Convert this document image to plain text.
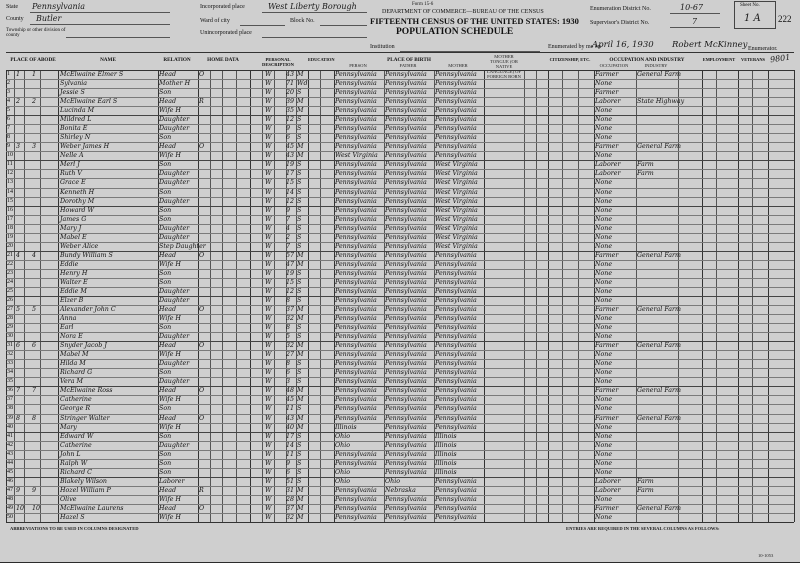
State Pennsylvania
County Butler
Township or other division of county
Incorporated place	West Liberty Borough
Ward of city	Block No.
Unincorporated place
Form 15-6
DEPARTMENT OF COMMERCE—BUREAU OF THE CENSUS
FIFTEENTH CENSUS OF THE UNITED STATES: 1930
POPULATION SCHEDULE
Institution
Enumeration District No.	10-67
Supervisor's District No.	7
Sheet No.
1 A 222
Enumerated by me on
April 16, 1930 Robert McKinney Enumerator.
9801
PLACE OF ABODE	NAME	RELATION	HOME DATA	PERSONAL DESCRIPTION
EDUCATION	PLACE OF BIRTH
PERSON	FATHER	MOTHER
MOTHER TONGUE (OR NATIVE LANGUAGE) OF FOREIGN BORN
CITIZENSHIP, ETC.	OCCUPATION AND INDUSTRY
OCCUPATION	INDUSTRY
EMPLOYMENT	VETERANS
1 1	1	McElwaine Elmer S	Head	O	W	43 M	Pennsylvania	Pennsylvania	Pennsylvania	Farmer	General Farm
2	Sylvania	Mother H	W	71 Wd	Pennsylvania	Pennsylvania	Pennsylvania	None
3	Jessie S	Son	W	20 S	Pennsylvania	Pennsylvania	Pennsylvania	Farmer
4 2	2	McElwaine Earl S	Head	R	W	39 M	Pennsylvania	Pennsylvania	Pennsylvania	Laborer	State Highway
5	Lucinda M	Wife H	W	35 M	Pennsylvania	Pennsylvania	Pennsylvania	None
6	Mildred L	Daughter	W	12 S	Pennsylvania	Pennsylvania	Pennsylvania	None
7	Bonita E	Daughter	W	9	S	Pennsylvania	Pennsylvania	Pennsylvania	None
8	Shirley N	Son	W	6	S	Pennsylvania	Pennsylvania	Pennsylvania	None
9 3	3	Weber James H	Head	O	W	45 M	Pennsylvania	Pennsylvania	Pennsylvania	Farmer	General Farm
10	Nelle A	Wife H	W	43 M	West Virginia	Pennsylvania	Pennsylvania	None
11	Merl J	Son	W	19 S	Pennsylvania	Pennsylvania	West Virginia	Laborer	Farm
12	Ruth V	Daughter	W	17 S	Pennsylvania	Pennsylvania	West Virginia	Laborer	Farm
13	Grace E	Daughter	W	15 S	Pennsylvania	Pennsylvania	West Virginia	None
14	Kenneth H	Son	W	14 S	Pennsylvania	Pennsylvania	West Virginia	None
15	Dorothy M	Daughter	W	12 S	Pennsylvania	Pennsylvania	West Virginia	None
16	Howard W	Son	W	9	S	Pennsylvania	Pennsylvania	West Virginia	None
17	James G	Son	W	7	S	Pennsylvania	Pennsylvania	West Virginia	None
18	Mary J	Daughter	W	4	S	Pennsylvania	Pennsylvania	West Virginia	None
19	Mabel E	Daughter	W	2	S	Pennsylvania	Pennsylvania	West Virginia	None
20	Weber Alice	Step Daughter	W	7	S	Pennsylvania	Pennsylvania	West Virginia	None
21 4	4	Bundy William S	Head	O	W	57 M	Pennsylvania	Pennsylvania	Pennsylvania	Farmer	General Farm
22	Eddie	Wife H	W	47 M	Pennsylvania	Pennsylvania	Pennsylvania	None
23	Henry H	Son	W	19 S	Pennsylvania	Pennsylvania	Pennsylvania	None
24	Walter E	Son	W	15 S	Pennsylvania	Pennsylvania	Pennsylvania	None
25	Eddie M	Daughter	W	12 S	Pennsylvania	Pennsylvania	Pennsylvania	None
26	Elzer B	Daughter	W	8	S	Pennsylvania	Pennsylvania	Pennsylvania	None
27 5	5	Alexander John C	Head	O	W	37 M	Pennsylvania	Pennsylvania	Pennsylvania	Farmer	General Farm
28	Anna	Wife H	W	32 M	Pennsylvania	Pennsylvania	Pennsylvania	None
29	Earl	Son	W	8	S	Pennsylvania	Pennsylvania	Pennsylvania	None
30	Nora E	Daughter	W	5	S	Pennsylvania	Pennsylvania	Pennsylvania	None
31 6	6	Snyder Jacob J	Head	O	W	32 M	Pennsylvania	Pennsylvania	Pennsylvania	Farmer	General Farm
32	Mabel M	Wife H	W	27 M	Pennsylvania	Pennsylvania	Pennsylvania	None
33	Hilda M	Daughter	W	8	S	Pennsylvania	Pennsylvania	Pennsylvania	None
34	Richard G	Son	W	6	S	Pennsylvania	Pennsylvania	Pennsylvania	None
35	Vera M	Daughter	W	3	S	Pennsylvania	Pennsylvania	Pennsylvania	None
36 7	7	McElwaine Ross	Head	O	W	48 M	Pennsylvania	Pennsylvania	Pennsylvania	Farmer	General Farm
37	Catherine	Wife H	W	45 M	Pennsylvania	Pennsylvania	Pennsylvania	None
38	George R	Son	W	11 S	Pennsylvania	Pennsylvania	Pennsylvania	None
39 8	8	Stringer Walter	Head	O	W	43 M	Pennsylvania	Pennsylvania	Pennsylvania	Farmer	General Farm
40	Mary	Wife H	W	40 M	Illinois	Pennsylvania	Pennsylvania	None
41	Edward W	Son	W	17 S	Ohio	Pennsylvania	Illinois	None
42	Catherine	Daughter	W	14 S	Ohio	Pennsylvania	Illinois	None
43	John L	Son	W	11 S	Pennsylvania	Pennsylvania	Illinois	None
44	Ralph W	Son	W	9	S	Pennsylvania	Pennsylvania	Illinois	None
45	Richard C	Son	W	6	S	Ohio	Pennsylvania	Illinois	None
46	Blakely Wilson	Laborer	W	51 S	Ohio	Ohio	Pennsylvania	Laborer	Farm
47 9	9	Hozel William P	Head	R	W	31 M	Pennsylvania	Nebraska	Pennsylvania	Laborer	Farm
48	Olive	Wife H	W	28 M	Pennsylvania	Pennsylvania	Pennsylvania	None
49 10	10	McElwaine Laurens	Head	O	W	37 M	Pennsylvania	Pennsylvania	Pennsylvania	Farmer	General Farm
50	Hazel S	Wife H	W	32 M	Pennsylvania	Pennsylvania	Pennsylvania	None
ABBREVIATIONS TO BE USED IN COLUMNS DESIGNATED	ENTRIES ARE REQUIRED IN THE SEVERAL COLUMNS AS FOLLOWS:
10-1053
